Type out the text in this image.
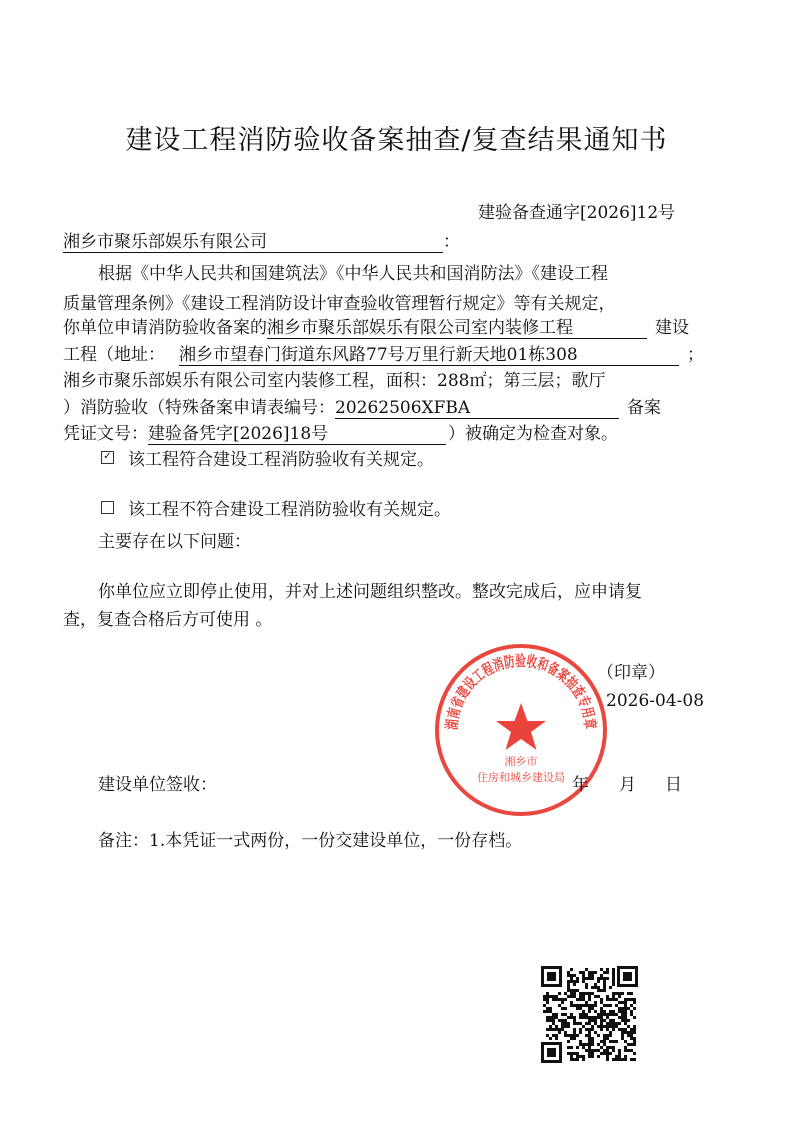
建设工程消防验收备案抽查/复查结果通知书
建验备查通字[2026]12号
湘乡市聚乐部娱乐有限公司	：
根据《中华人民共和国建筑法》《中华人民共和国消防法》《建设工程
质量管理条例》《建设工程消防设计审查验收管理暂行规定》等有关规定，
你单位申请消防验收备案的湘乡市聚乐部娱乐有限公司室内装修工程	建设
工程（地址： 湘乡市望春门街道东风路77号万里行新天地01栋308	；
湘乡市聚乐部娱乐有限公司室内装修工程，面积：288㎡；第三层；歌厅
）消防验收（特殊备案申请表编号：20262506XFBA	备案
凭证文号：建验备凭字[2026]18号	）被确定为检查对象。
✓ 该工程符合建设工程消防验收有关规定。
该工程不符合建设工程消防验收有关规定。
主要存在以下问题：
你单位应立即停止使用，并对上述问题组织整改。整改完成后，应申请复
查，复查合格后方可使用 。
湖南省建设工程消防验收和备案抽查专用章
湘乡市
住房和城乡建设局
（印章）
2026-04-08
建设单位签收：	年 月 日
备注：1.本凭证一式两份，一份交建设单位，一份存档。
